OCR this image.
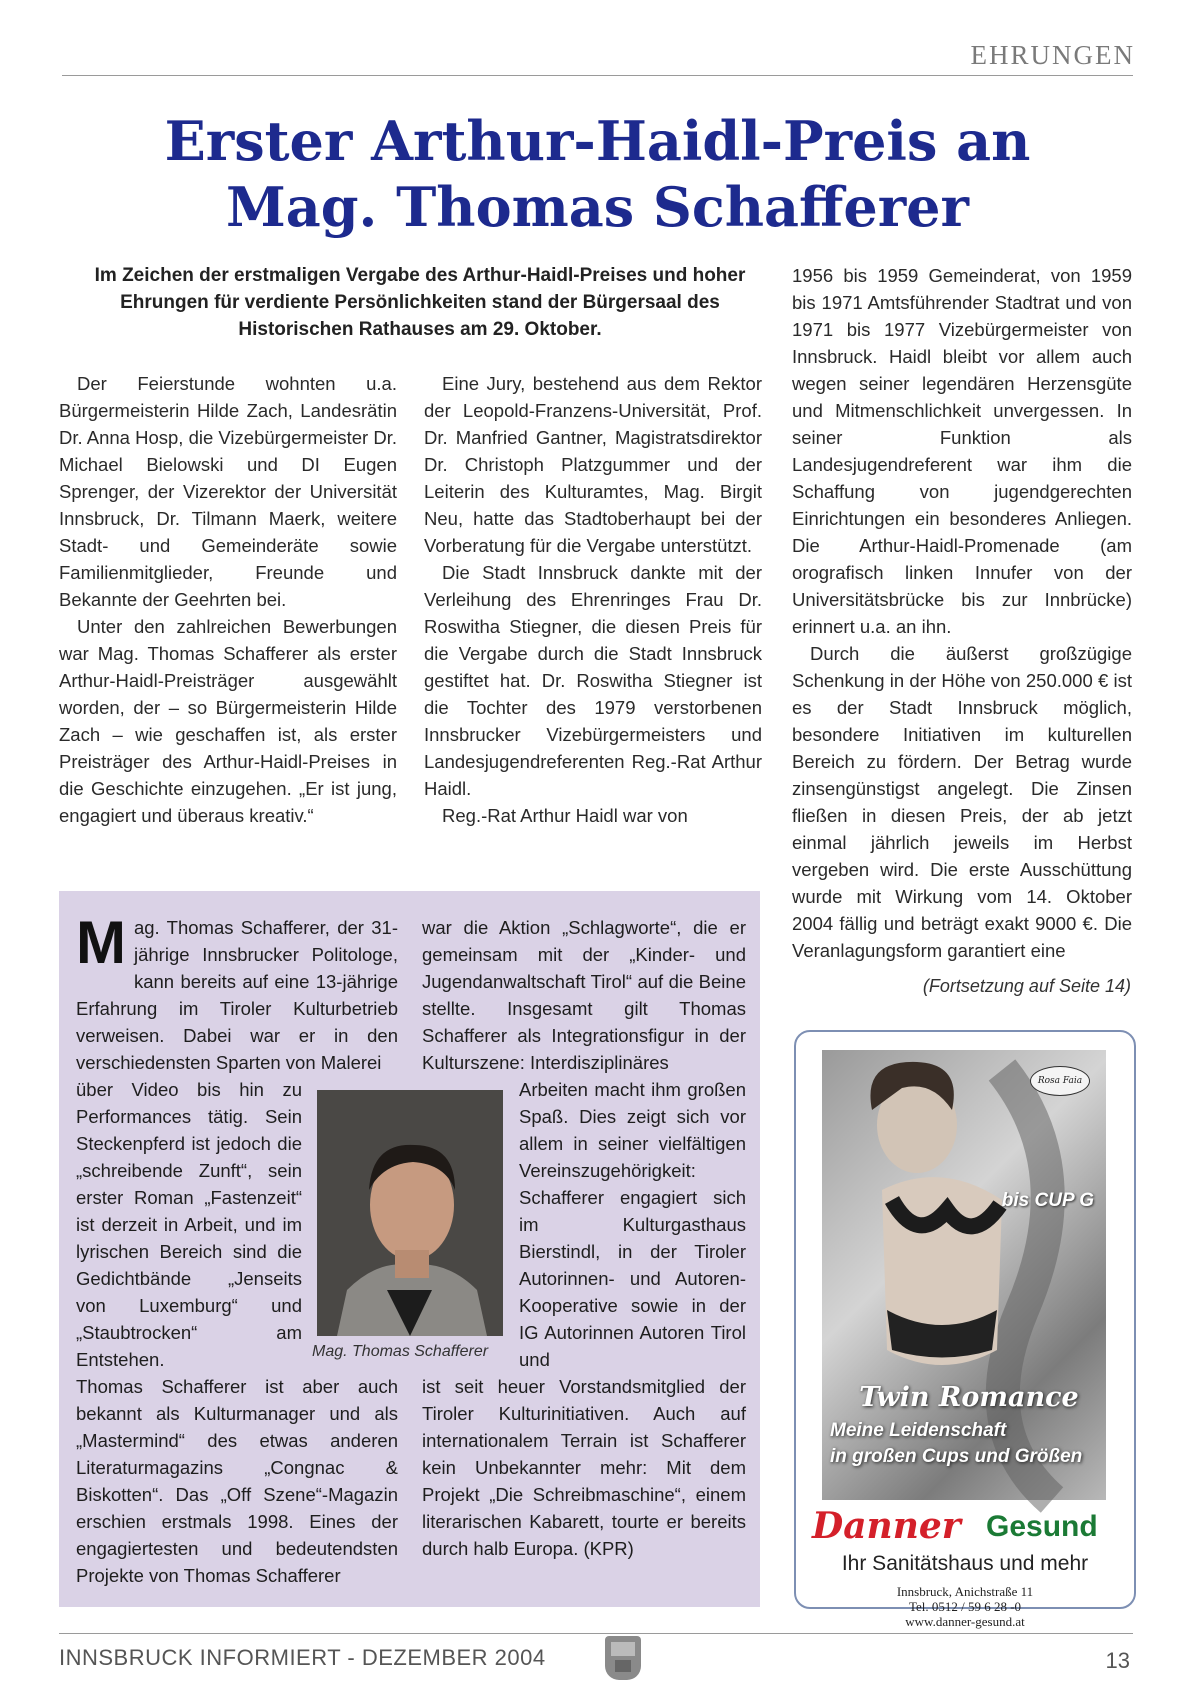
EHRUNGEN
Erster Arthur-Haidl-Preis an
Mag. Thomas Schafferer

Im Zeichen der erstmaligen Vergabe des Arthur-Haidl-Preises und hoher Ehrungen für verdiente Persönlichkeiten stand der Bürgersaal des Historischen Rathauses am 29. Oktober.

Der Feierstunde wohnten u.a. Bürgermeisterin Hilde Zach, Landesrätin Dr. Anna Hosp, die Vizebürgermeister Dr. Michael Bielowski und DI Eugen Sprenger, der Vizerektor der Universität Innsbruck, Dr. Tilmann Maerk, weitere Stadt- und Gemeinderäte sowie Familienmitglieder, Freunde und Bekannte der Geehrten bei.

Unter den zahlreichen Bewerbungen war Mag. Thomas Schafferer als erster Arthur-Haidl-Preisträger ausgewählt worden, der – so Bürgermeisterin Hilde Zach – wie geschaffen ist, als erster Preisträger des Arthur-Haidl-Preises in die Geschichte einzugehen. „Er ist jung, engagiert und überaus kreativ.“

Eine Jury, bestehend aus dem Rektor der Leopold-Franzens-Universität, Prof. Dr. Manfried Gantner, Magistratsdirektor Dr. Christoph Platzgummer und der Leiterin des Kulturamtes, Mag. Birgit Neu, hatte das Stadtoberhaupt bei der Vorberatung für die Vergabe unterstützt.

Die Stadt Innsbruck dankte mit der Verleihung des Ehrenringes Frau Dr. Roswitha Stiegner, die diesen Preis für die Vergabe durch die Stadt Innsbruck gestiftet hat. Dr. Roswitha Stiegner ist die Tochter des 1979 verstorbenen Innsbrucker Vizebürgermeisters und Landesjugendreferenten Reg.-Rat Arthur Haidl.

Reg.-Rat Arthur Haidl war von

1956 bis 1959 Gemeinderat, von 1959 bis 1971 Amtsführender Stadtrat und von 1971 bis 1977 Vizebürgermeister von Innsbruck. Haidl bleibt vor allem auch wegen seiner legendären Herzensgüte und Mitmenschlichkeit unvergessen. In seiner Funktion als Landesjugendreferent war ihm die Schaffung von jugendgerechten Einrichtungen ein besonderes Anliegen. Die Arthur-Haidl-Promenade (am orografisch linken Innufer von der Universitätsbrücke bis zur Innbrücke) erinnert u.a. an ihn.

Durch die äußerst großzügige Schenkung in der Höhe von 250.000 € ist es der Stadt Innsbruck möglich, besondere Initiativen im kulturellen Bereich zu fördern. Der Betrag wurde zinsengünstigst angelegt. Die Zinsen fließen in diesen Preis, der ab jetzt einmal jährlich jeweils im Herbst vergeben wird. Die erste Ausschüttung wurde mit Wirkung vom 14. Oktober 2004 fällig und beträgt exakt 9000 €. Die Veranlagungsform garantiert eine

(Fortsetzung auf Seite 14)
Mag. Thomas Schafferer, der 31-jährige Innsbrucker Politologe, kann bereits auf eine 13-jährige Erfahrung im Tiroler Kulturbetrieb verweisen. Dabei war er in den verschiedensten Sparten von Malerei
über Video bis hin zu Performances tätig. Sein Steckenpferd ist jedoch die „schreibende Zunft“, sein erster Roman „Fastenzeit“ ist derzeit in Arbeit, und im lyrischen Bereich sind die Gedichtbände „Jenseits von Luxemburg“ und „Staubtrocken“ am Entstehen.
Thomas Schafferer ist aber auch bekannt als Kulturmanager und als „Mastermind“ des etwas anderen Literaturmagazins „Congnac & Biskotten“. Das „Off Szene“-Magazin erschien erstmals 1998. Eines der engagiertesten und bedeutendsten Projekte von Thomas Schafferer
war die Aktion „Schlagworte“, die er gemeinsam mit der „Kinder- und Jugendanwaltschaft Tirol“ auf die Beine stellte. Insgesamt gilt Thomas Schafferer als Integrationsfigur in der Kulturszene: Interdisziplinäres
Arbeiten macht ihm großen Spaß. Dies zeigt sich vor allem in seiner vielfältigen Vereinszugehörigkeit: Schafferer engagiert sich im Kulturgasthaus Bierstindl, in der Tiroler Autorinnen- und Autoren-Kooperative sowie in der IG Autorinnen Autoren Tirol und
ist seit heuer Vorstandsmitglied der Tiroler Kulturinitiativen. Auch auf internationalem Terrain ist Schafferer kein Unbekannter mehr: Mit dem Projekt „Die Schreibmaschine“, einem literarischen Kabarett, tourte er bereits durch halb Europa. (KPR)
Mag. Thomas Schafferer
Rosa Faia
bis CUP G
Twin Romance
Meine Leidenschaft
in großen Cups und Größen
Danner Gesund
Ihr Sanitätshaus und mehr
Innsbruck, Anichstraße 11
Tel. 0512 / 59 6 28 -0
www.danner-gesund.at
INNSBRUCK INFORMIERT - DEZEMBER 2004	13
